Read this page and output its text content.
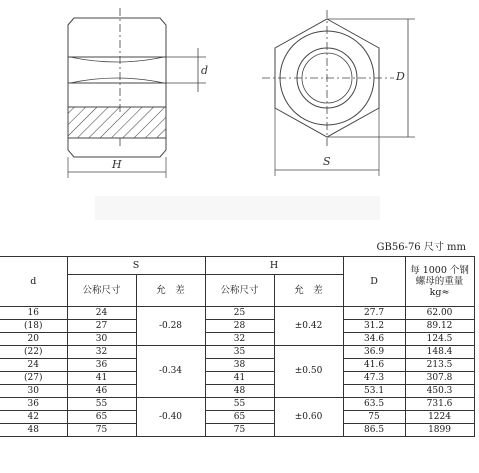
d
H
D
S
GB56-76 尺寸 mm
d	S		H		D	每 1000 个钢
螺母的重量
kg≈
	公称尺寸	允　差	公称尺寸	允　差		
16	24	-0.28	25	±0.42	27.7	62.00
(18)	27		28		31.2	89.12
20	30		32		34.6	124.5
(22)	32	-0.34	35	±0.50	36.9	148.4
24	36		38		41.6	213.5
(27)	41		41		47.3	307.8
30	46		48		53.1	450.3
36	55	-0.40	55	±0.60	63.5	731.6
42	65		65		75	1224
48	75		75		86.5	1899
